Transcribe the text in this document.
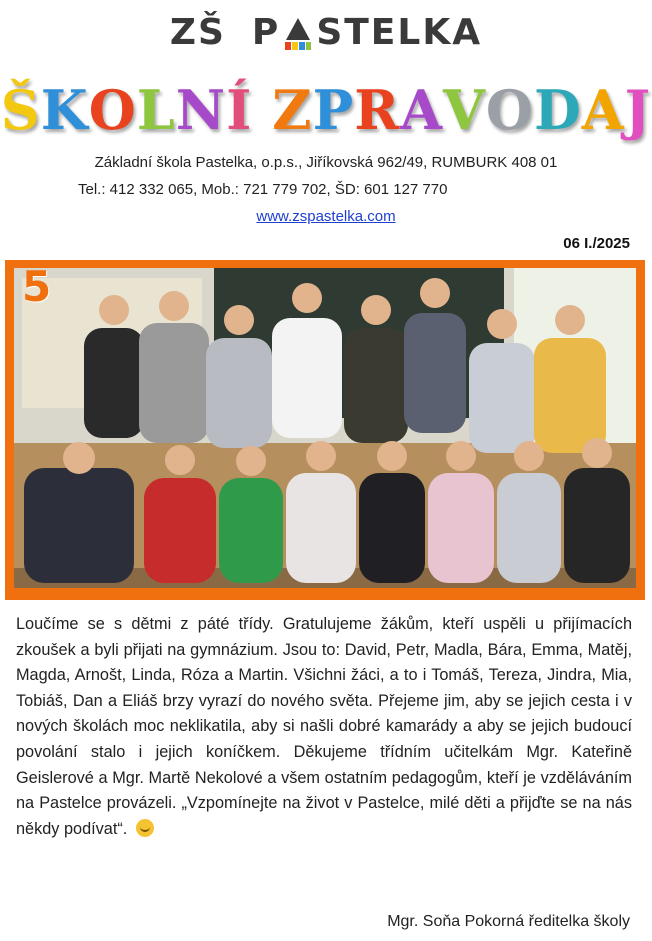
ZŠ P STELKA
ŠKOLNÍ ZPRAVODAJ
Základní škola Pastelka, o.p.s., Jiříkovská 962/49, RUMBURK 408 01
Tel.: 412 332 065, Mob.: 721 779 702, ŠD: 601 127 770
www.zspastelka.com
06 I./2025
5

Loučíme se s dětmi z páté třídy. Gratulujeme žákům, kteří uspěli u přijímacích zkoušek a byli přijati na gymnázium. Jsou to: David, Petr, Madla, Bára, Emma, Matěj, Magda, Arnošt, Linda, Róza a Martin. Všichni žáci, a to i Tomáš, Tereza, Jindra, Mia, Tobiáš, Dan a Eliáš brzy vyrazí do nového světa. Přejeme jim, aby se jejich cesta i v nových školách moc neklikatila, aby si našli dobré kamarády a aby se jejich budoucí povolání stalo i jejich koníčkem. Děkujeme třídním učitelkám Mgr. Kateřině Geislerové a Mgr. Martě Nekolové a všem ostatním pedagogům, kteří je vzděláváním na Pastelce provázeli. „Vzpomínejte na život v Pastelce, milé děti a přijďte se na nás někdy podívat“.

Mgr. Soňa Pokorná ředitelka školy
